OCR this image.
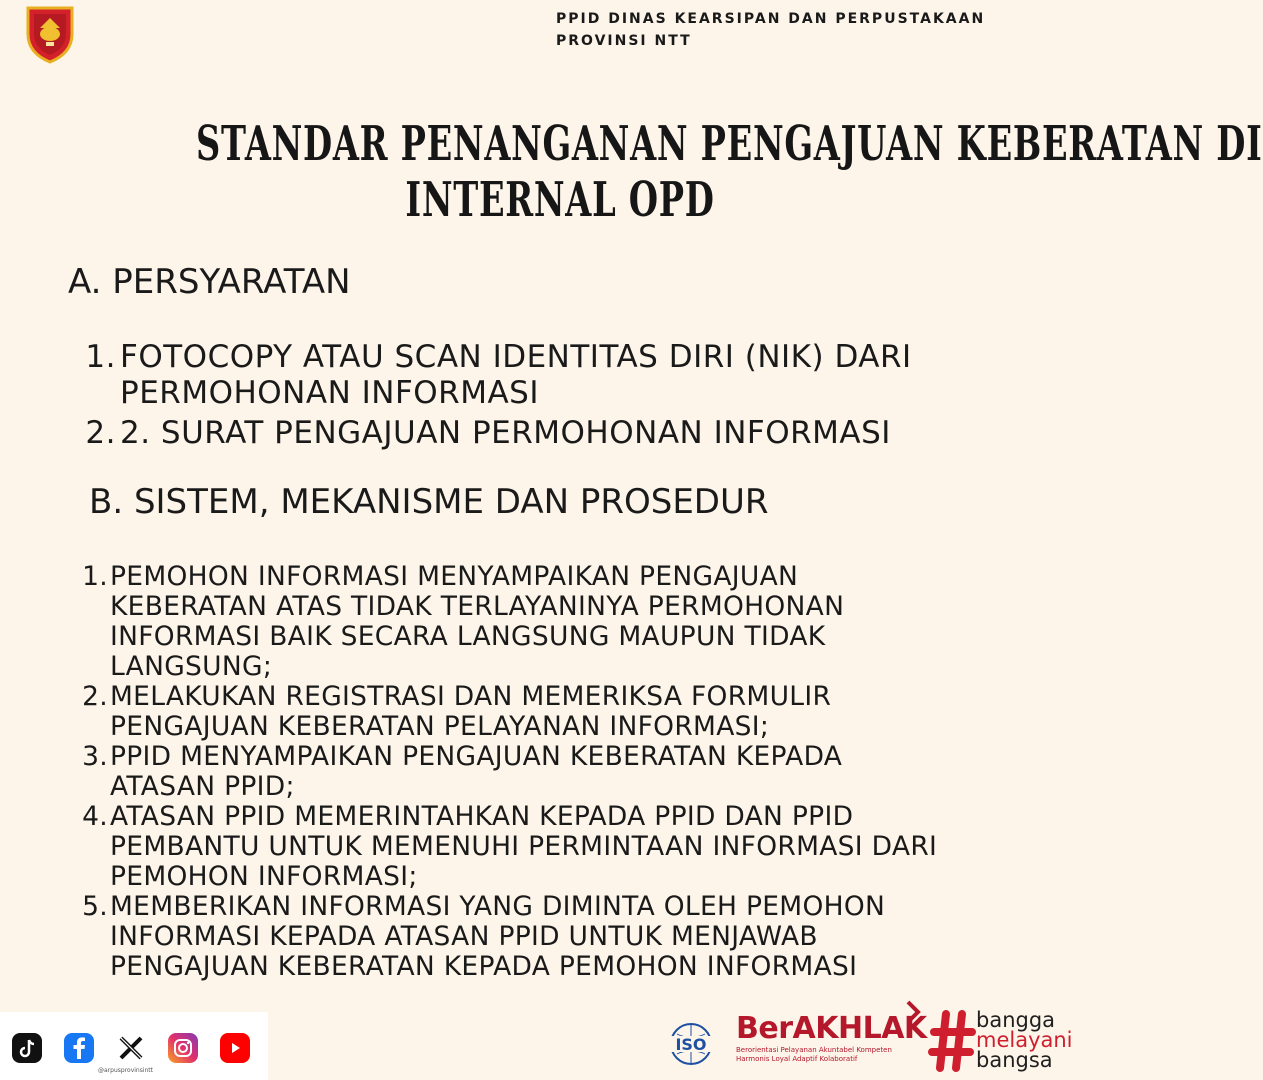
PPID DINAS KEARSIPAN DAN PERPUSTAKAAN
PROVINSI NTT
STANDAR PENANGANAN PENGAJUAN KEBERATAN DI
INTERNAL OPD
A. PERSYARATAN
1. FOTOCOPY ATAU SCAN IDENTITAS DIRI (NIK) DARI
PERMOHONAN INFORMASI
2. 2. SURAT PENGAJUAN PERMOHONAN INFORMASI
B. SISTEM, MEKANISME DAN PROSEDUR
1. PEMOHON INFORMASI MENYAMPAIKAN PENGAJUAN
KEBERATAN ATAS TIDAK TERLAYANINYA PERMOHONAN
INFORMASI BAIK SECARA LANGSUNG MAUPUN TIDAK
LANGSUNG;
2. MELAKUKAN REGISTRASI DAN MEMERIKSA FORMULIR
PENGAJUAN KEBERATAN PELAYANAN INFORMASI;
3. PPID MENYAMPAIKAN PENGAJUAN KEBERATAN KEPADA
ATASAN PPID;
4. ATASAN PPID MEMERINTAHKAN KEPADA PPID DAN PPID
PEMBANTU UNTUK MEMENUHI PERMINTAAN INFORMASI DARI
PEMOHON INFORMASI;
5. MEMBERIKAN INFORMASI YANG DIMINTA OLEH PEMOHON
INFORMASI KEPADA ATASAN PPID UNTUK MENJAWAB
PENGAJUAN KEBERATAN KEPADA PEMOHON INFORMASI
@arpusprovinsintt
ISO BerAKHLAK
Berorientasi Pelayanan Akuntabel Kompeten
Harmonis Loyal Adaptif Kolaboratif
bangga
melayani
bangsa
